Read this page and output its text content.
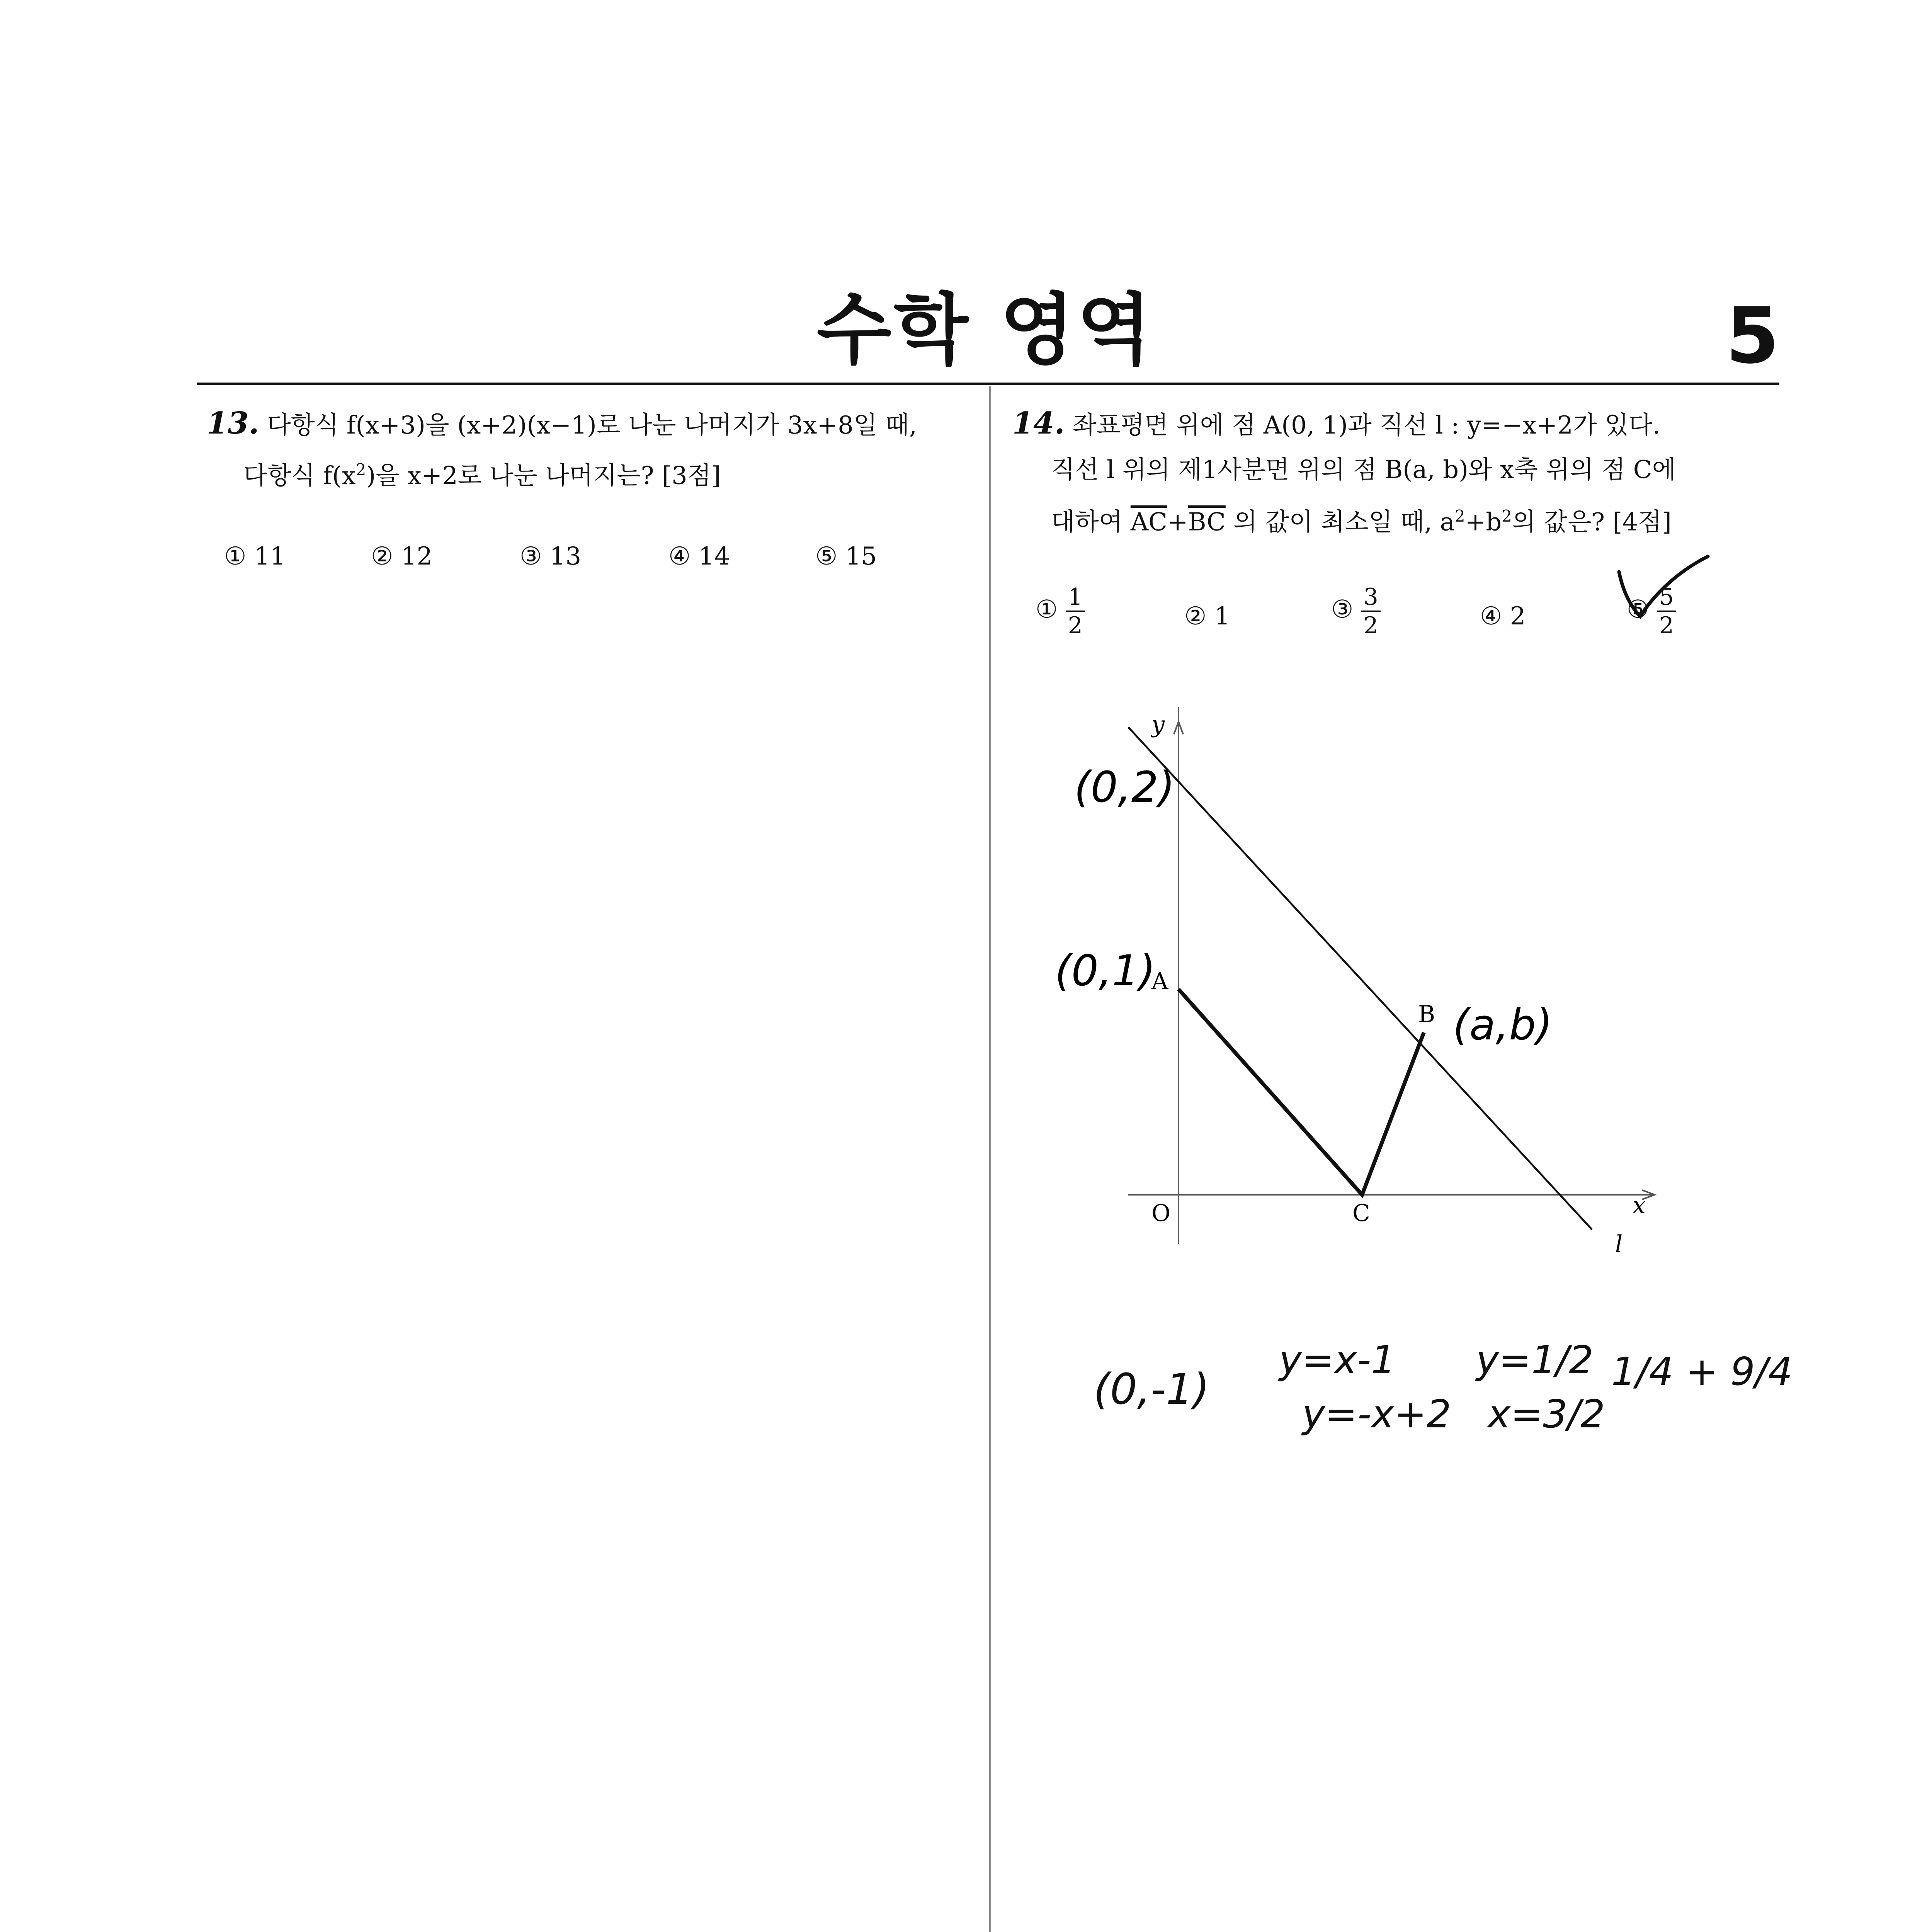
수학 영역	5
13. 다항식 f(x+3)을 (x+2)(x−1)로 나눈 나머지가 3x+8일 때,
다항식 $f(x^2)$을 x+2로 나눈 나머지는? [3점]
① 11	② 12	③ 13	④ 14	⑤ 15
14. 좌표평면 위에 점 A(0, 1)과 직선 l : y=−x+2가 있다.
직선 l 위의 제1사분면 위의 점 B(a, b)와 x축 위의 점 C에
대하여 $\overline{AC}+\overline{BC}$ 의 값이 최소일 때, $a^2+b^2$의 값은? [4점]
① $\frac{1}{2}$	② 1	③ $\frac{3}{2}$	④ 2	⑤ $\frac{5}{2}$
y
x
O
A
B
C
l
(0,2)
(0,1)
(a,b)
(0,-1)
y=x-1
y=-x+2
y=1/2
x=3/2
1/4 + 9/4
